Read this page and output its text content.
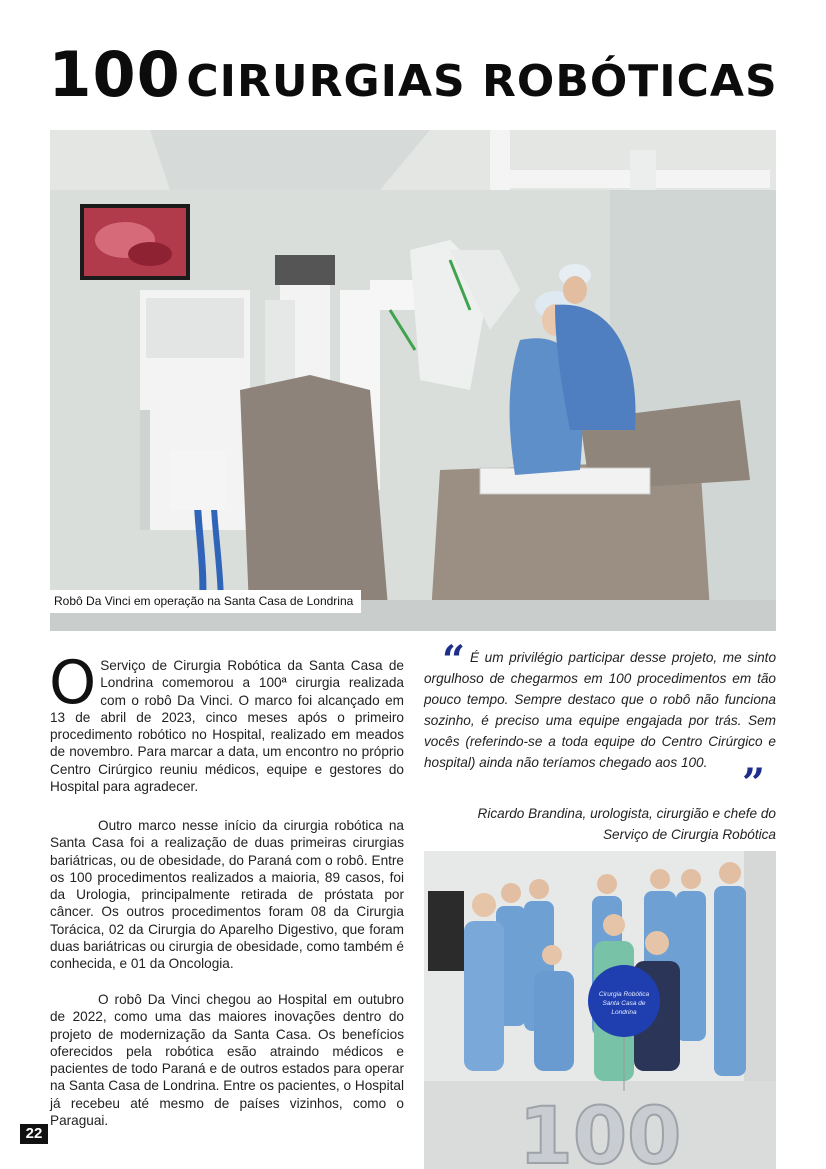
100 CIRURGIAS ROBÓTICAS
Robô Da Vinci em operação na Santa Casa de Londrina

O Serviço de Cirurgia Robótica da Santa Casa de Londrina comemorou a 100ª cirurgia realizada com o robô Da Vinci. O marco foi alcançado em 13 de abril de 2023, cinco meses após o primeiro procedimento robótico no Hospital, realizado em meados de novembro. Para marcar a data, um encontro no próprio Centro Cirúrgico reuniu médicos, equipe e gestores do Hospital para agradecer.

Outro marco nesse início da cirurgia robótica na Santa Casa foi a realização de duas primeiras cirurgias bariátricas, ou de obesidade, do Paraná com o robô. Entre os 100 procedimentos realizados a maioria, 89 casos, foi da Urologia, principalmente retirada de próstata por câncer. Os outros procedimentos foram 08 da Cirurgia Torácica, 02 da Cirurgia do Aparelho Digestivo, que foram duas bariátricas ou cirurgia de obesidade, como também é conhecida, e 01 da Oncologia.

O robô Da Vinci chegou ao Hospital em outubro de 2022, como uma das maiores inovações dentro do projeto de modernização da Santa Casa. Os benefícios oferecidos pela robótica esão atraindo médicos e pacientes de todo Paraná e de outros estados para operar na Santa Casa de Londrina. Entre os pacientes, o Hospital já recebeu até mesmo de países vizinhos, como o Paraguai.

“ É um privilégio participar desse projeto, me sinto orgulhoso de chegarmos em 100 procedimentos em tão pouco tempo. Sempre destaco que o robô não funciona sozinho, é preciso uma equipe engajada por trás. Sem vocês (referindo-se a toda equipe do Centro Cirúrgico e hospital) ainda não teríamos chegado aos 100. ”
Ricardo Brandina, urologista, cirurgião e chefe do
Serviço de Cirurgia Robótica
Cirurgia Robótica
Santa Casa de
Londrina
100
22
